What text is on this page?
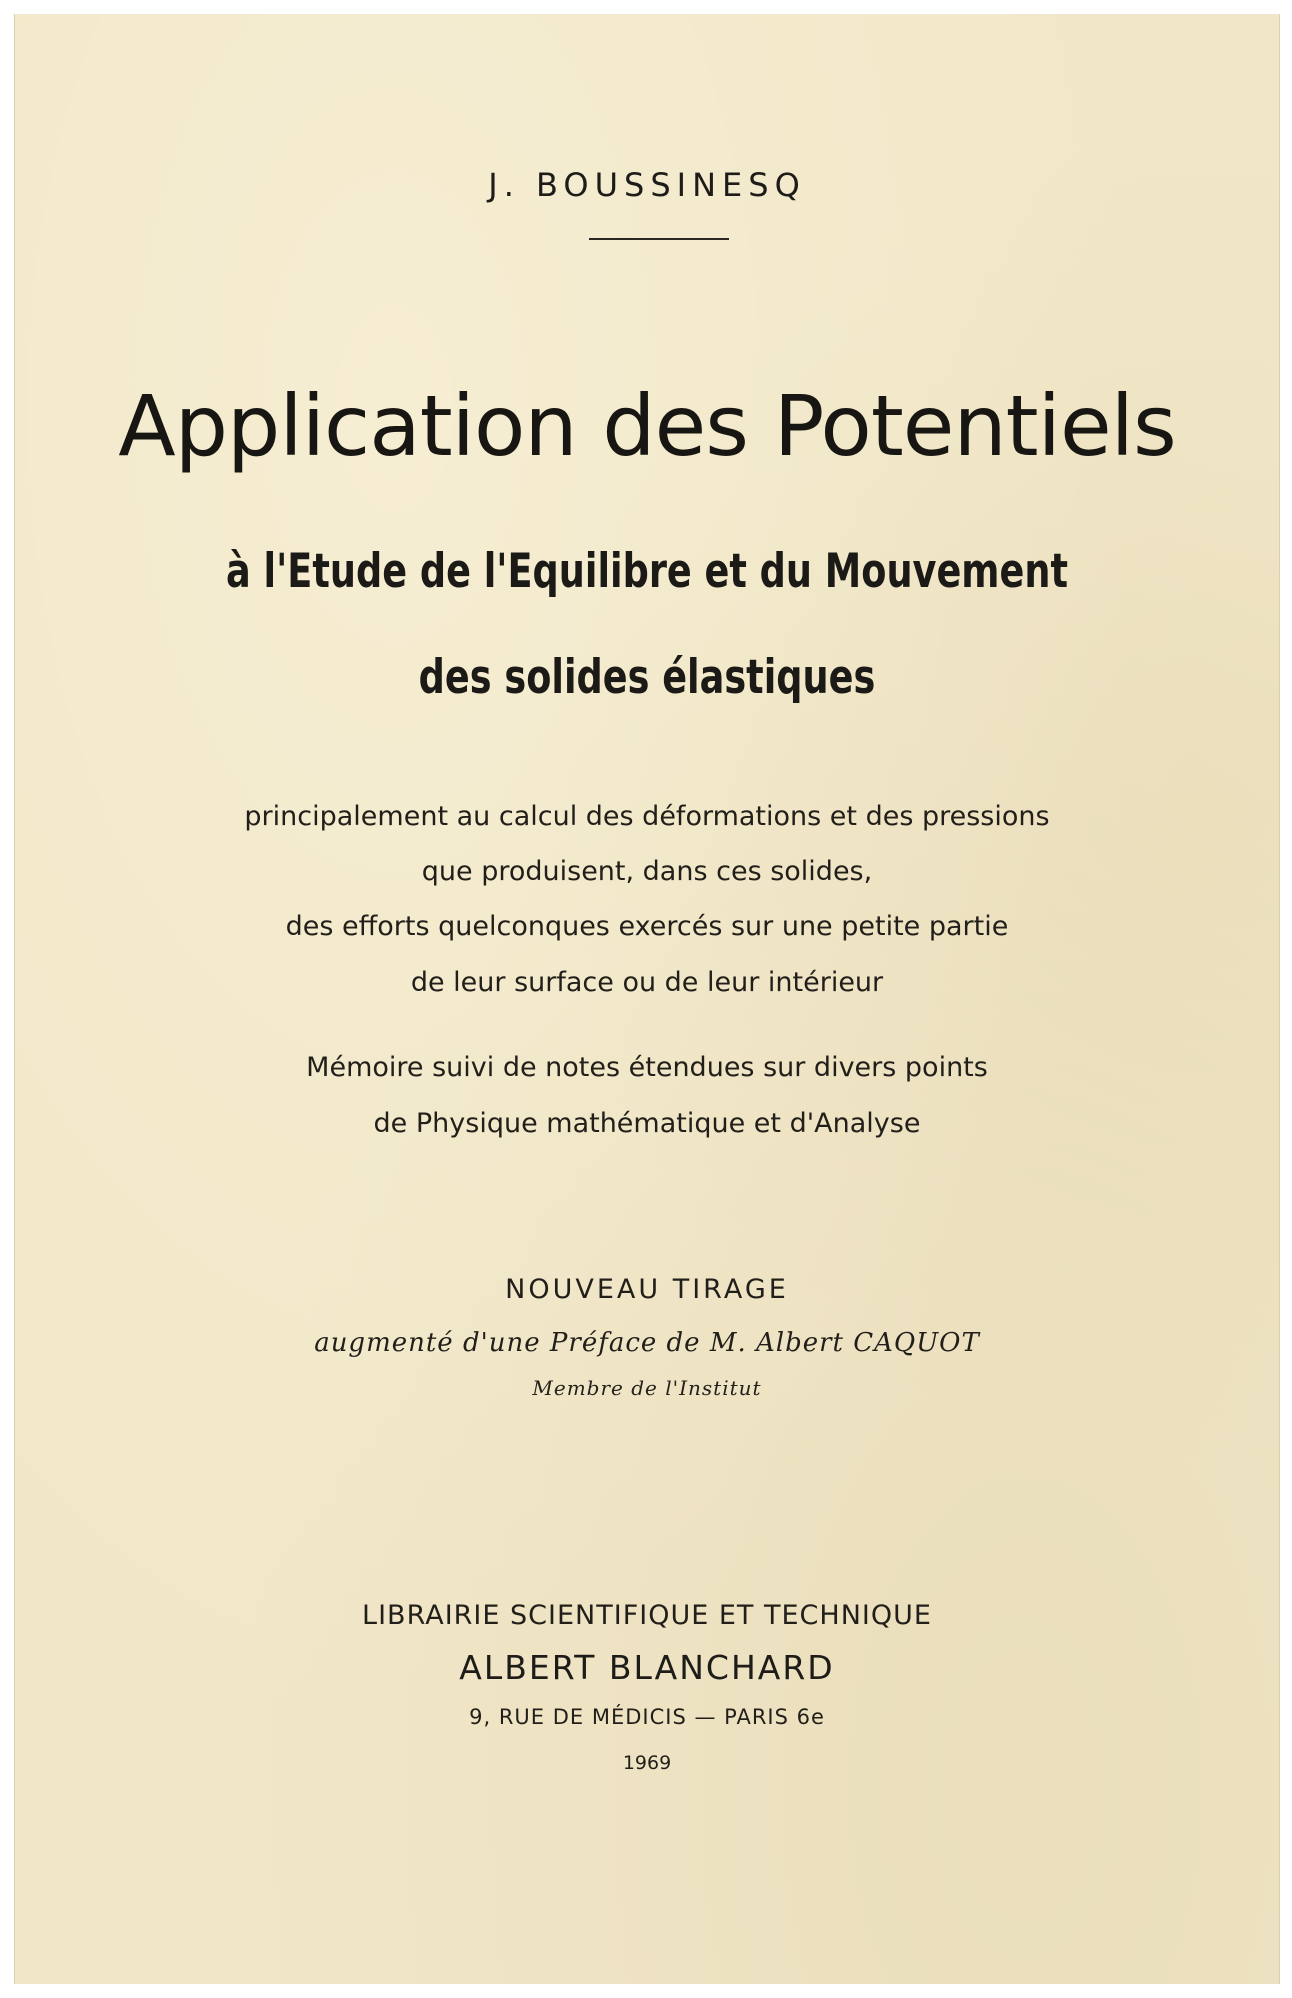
J. BOUSSINESQ
Application des Potentiels
à l'Etude de l'Equilibre et du Mouvement
des solides élastiques
principalement au calcul des déformations et des pressions
que produisent, dans ces solides,
des efforts quelconques exercés sur une petite partie
de leur surface ou de leur intérieur
Mémoire suivi de notes étendues sur divers points
de Physique mathématique et d'Analyse
NOUVEAU TIRAGE
augmenté d'une Préface de M. Albert CAQUOT
Membre de l'Institut
LIBRAIRIE SCIENTIFIQUE ET TECHNIQUE
ALBERT BLANCHARD
9, RUE DE MÉDICIS — PARIS 6e
1969
